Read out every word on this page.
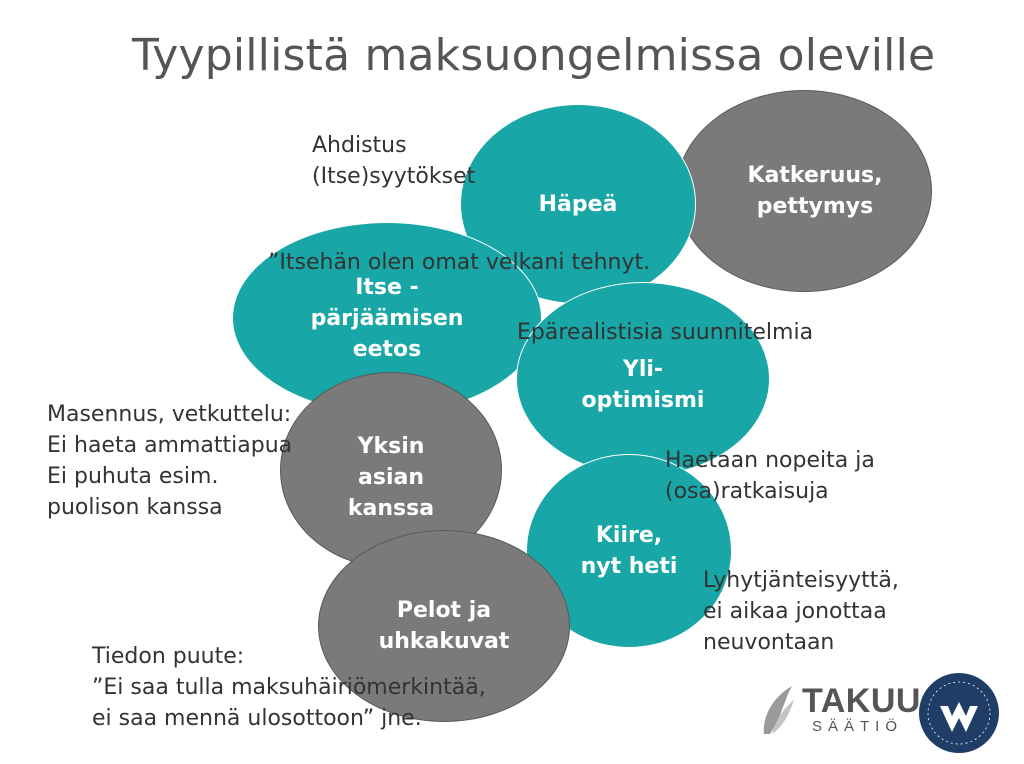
Tyypillistä maksuongelmissa oleville
Katkeruus,
pettymys
Häpeä
Itse -
pärjäämisen
eetos
Yli-
optimismi
Yksin
asian
kanssa
Kiire,
nyt heti
Pelot ja
uhkakuvat
Ahdistus
(Itse)syytökset
”Itsehän olen omat velkani tehnyt.
Epärealistisia suunnitelmia
Masennus, vetkuttelu:
Ei haeta ammattiapua
Ei puhuta esim.
puolison kanssa
Haetaan nopeita ja
(osa)ratkaisuja
Lyhytjänteisyyttä,
ei aikaa jonottaa
neuvontaan
Tiedon puute:
”Ei saa tulla maksuhäiriömerkintää,
ei saa mennä ulosottoon” jne.	TAKUU
SÄÄTIÖ
